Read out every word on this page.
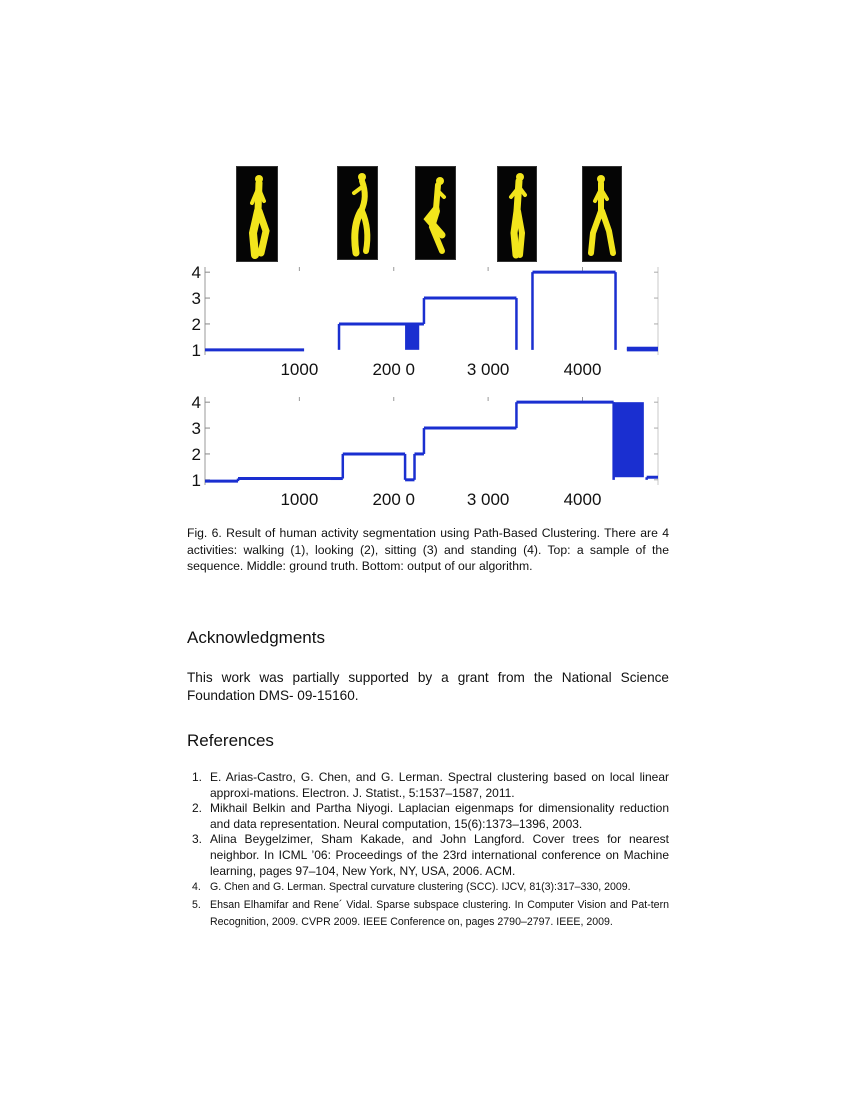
1
2
3
4
1000	200 0	3 000	4000
1
2
3
4
1000	200 0	3 000	4000
Fig. 6. Result of human activity segmentation using Path-Based Clustering. There are 4 activities: walking (1), looking (2), sitting (3) and standing (4). Top: a sample of the sequence. Middle: ground truth. Bottom: output of our algorithm.
Acknowledgments

This work was partially supported by a grant from the National Science Foundation DMS- 09-15160.

References
1. E. Arias-Castro, G. Chen, and G. Lerman. Spectral clustering based on local linear approxi-mations. Electron. J. Statist., 5:1537–1587, 2011.
2. Mikhail Belkin and Partha Niyogi. Laplacian eigenmaps for dimensionality reduction and data representation. Neural computation, 15(6):1373–1396, 2003.
3. Alina Beygelzimer, Sham Kakade, and John Langford. Cover trees for nearest neighbor. In ICML ’06: Proceedings of the 23rd international conference on Machine learning, pages 97–104, New York, NY, USA, 2006. ACM.
4. G. Chen and G. Lerman. Spectral curvature clustering (SCC). IJCV, 81(3):317–330, 2009.
5. Ehsan Elhamifar and Rene´ Vidal. Sparse subspace clustering. In Computer Vision and Pat-tern Recognition, 2009. CVPR 2009. IEEE Conference on, pages 2790–2797. IEEE, 2009.
